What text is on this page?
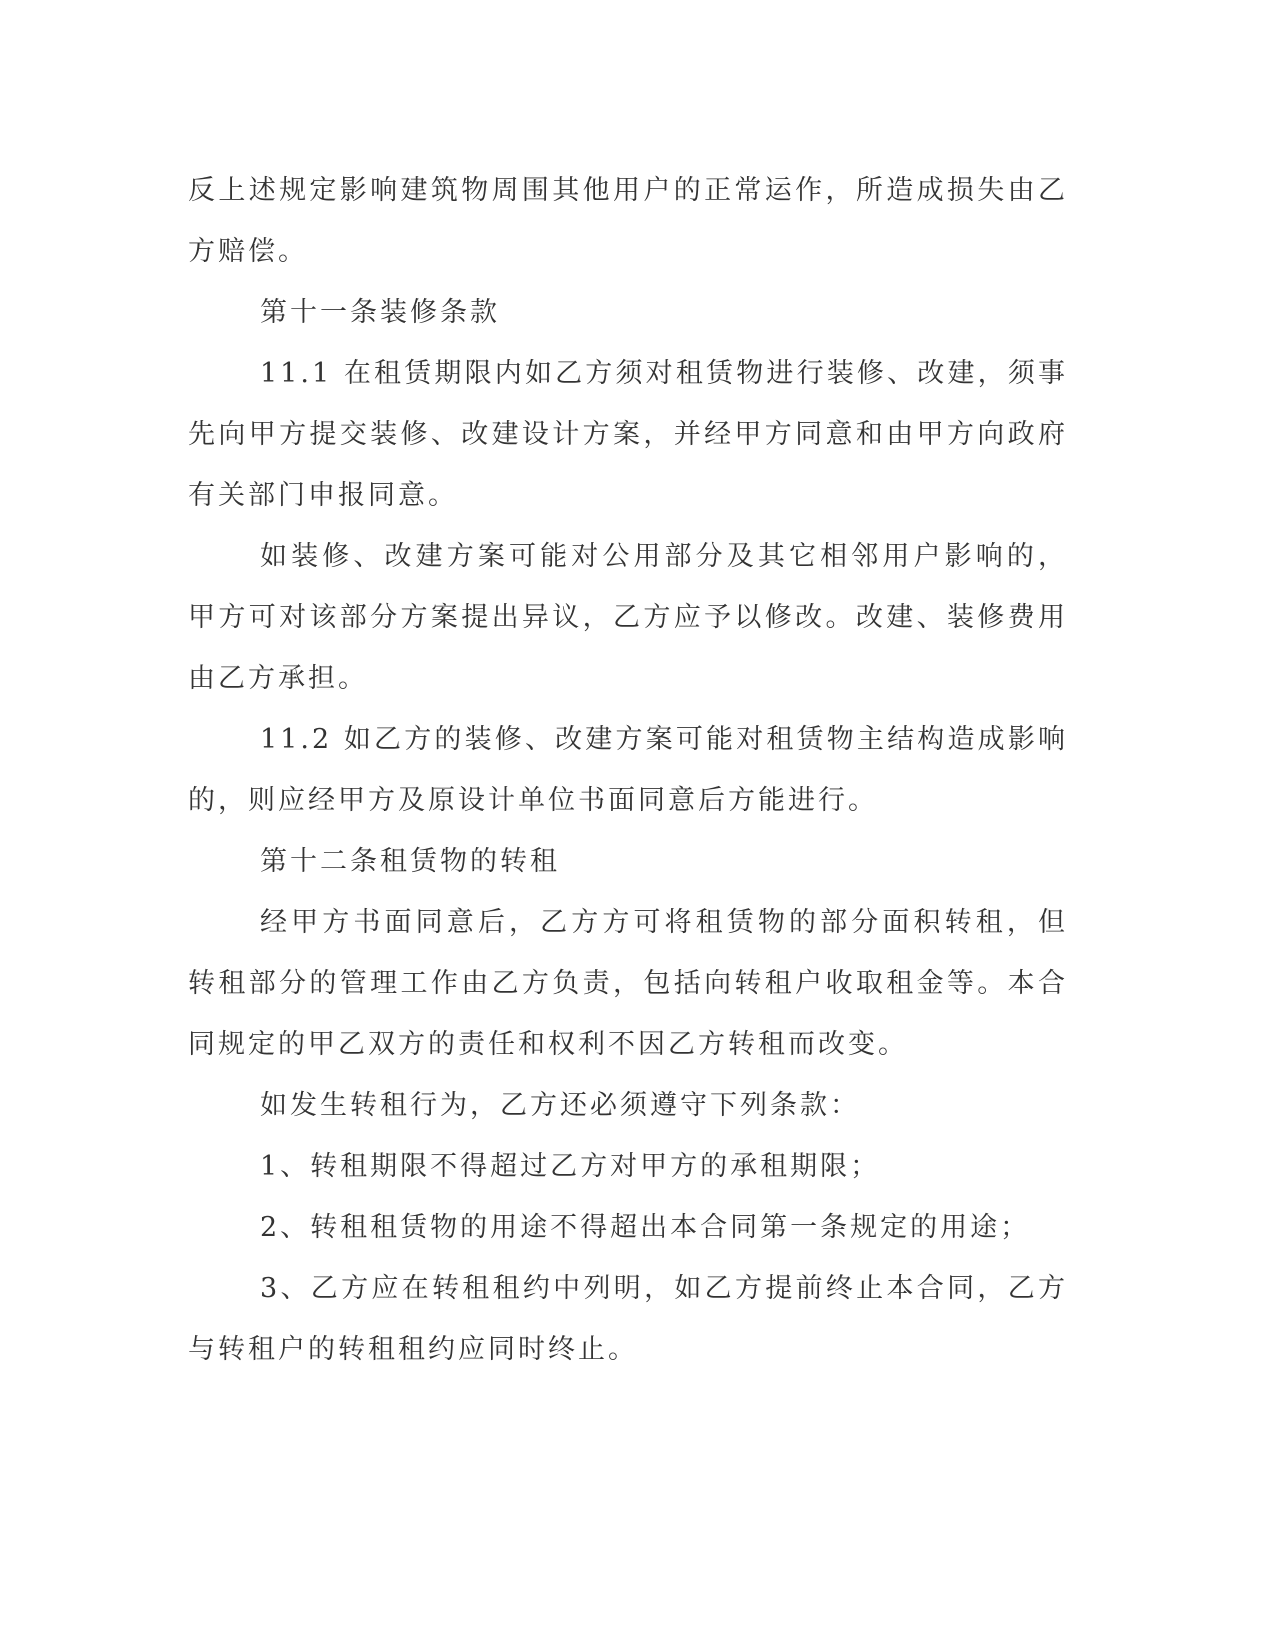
反上述规定影响建筑物周围其他用户的正常运作，所造成损失由乙方赔偿。

第十一条装修条款

11.1 在租赁期限内如乙方须对租赁物进行装修、改建，须事先向甲方提交装修、改建设计方案，并经甲方同意和由甲方向政府有关部门申报同意。

如装修、改建方案可能对公用部分及其它相邻用户影响的，甲方可对该部分方案提出异议，乙方应予以修改。改建、装修费用由乙方承担。

11.2 如乙方的装修、改建方案可能对租赁物主结构造成影响的，则应经甲方及原设计单位书面同意后方能进行。

第十二条租赁物的转租

经甲方书面同意后，乙方方可将租赁物的部分面积转租，但转租部分的管理工作由乙方负责，包括向转租户收取租金等。本合同规定的甲乙双方的责任和权利不因乙方转租而改变。

如发生转租行为，乙方还必须遵守下列条款：

1、转租期限不得超过乙方对甲方的承租期限；

2、转租租赁物的用途不得超出本合同第一条规定的用途；

3、乙方应在转租租约中列明，如乙方提前终止本合同，乙方与转租户的转租租约应同时终止。
